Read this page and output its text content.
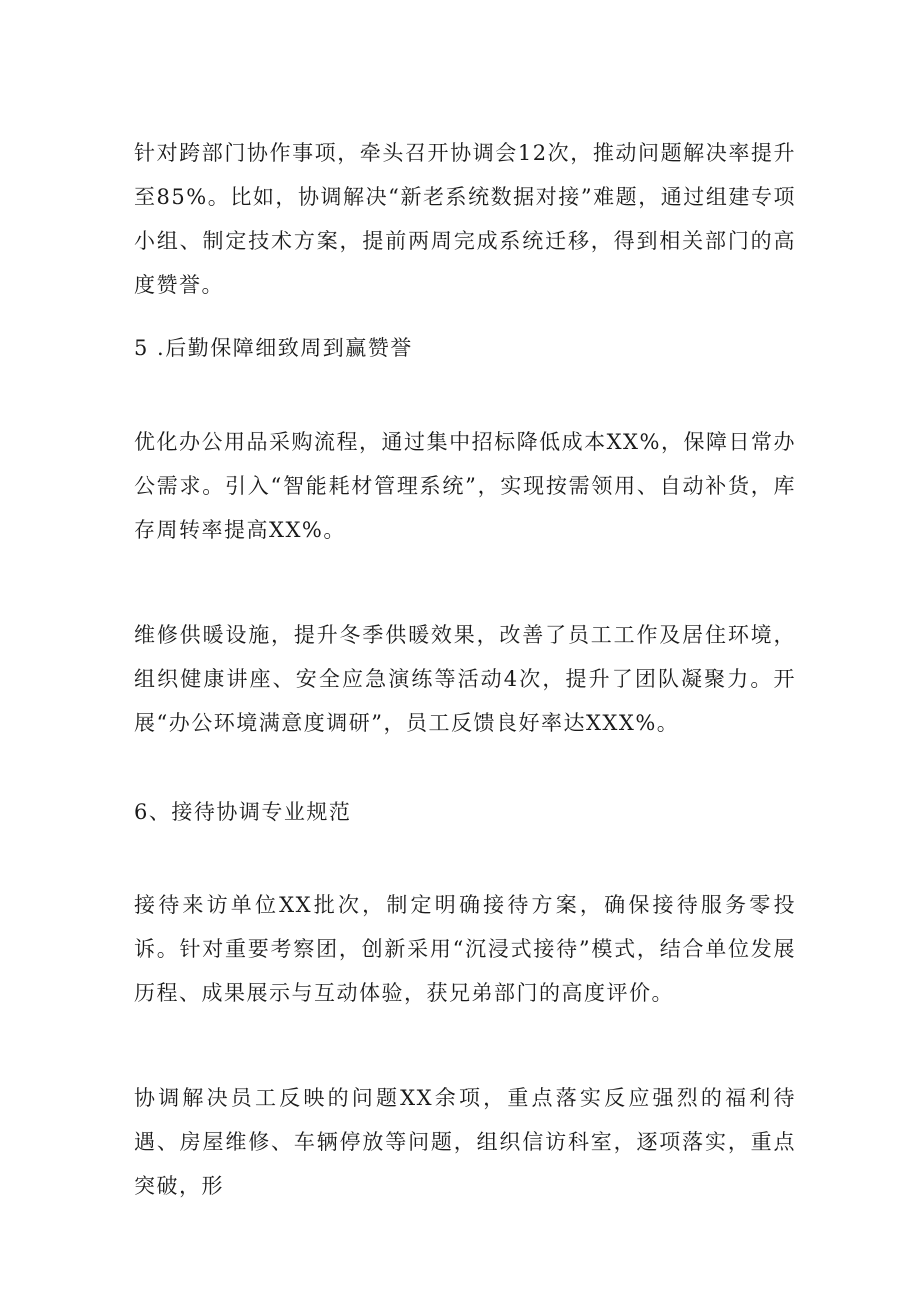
针对跨部门协作事项，牵头召开协调会12次，推动问题解决率提升至85%。比如，协调解决“新老系统数据对接”难题，通过组建专项小组、制定技术方案，提前两周完成系统迁移，得到相关部门的高度赞誉。

5 .后勤保障细致周到赢赞誉

优化办公用品采购流程，通过集中招标降低成本XX%，保障日常办公需求。引入“智能耗材管理系统”，实现按需领用、自动补货，库存周转率提高XX%。

维修供暖设施，提升冬季供暖效果，改善了员工工作及居住环境，组织健康讲座、安全应急演练等活动4次，提升了团队凝聚力。开展“办公环境满意度调研”，员工反馈良好率达XXX%。

6、接待协调专业规范

接待来访单位XX批次，制定明确接待方案，确保接待服务零投诉。针对重要考察团，创新采用“沉浸式接待”模式，结合单位发展历程、成果展示与互动体验，获兄弟部门的高度评价。

协调解决员工反映的问题XX余项，重点落实反应强烈的福利待遇、房屋维修、车辆停放等问题，组织信访科室，逐项落实，重点突破，形
